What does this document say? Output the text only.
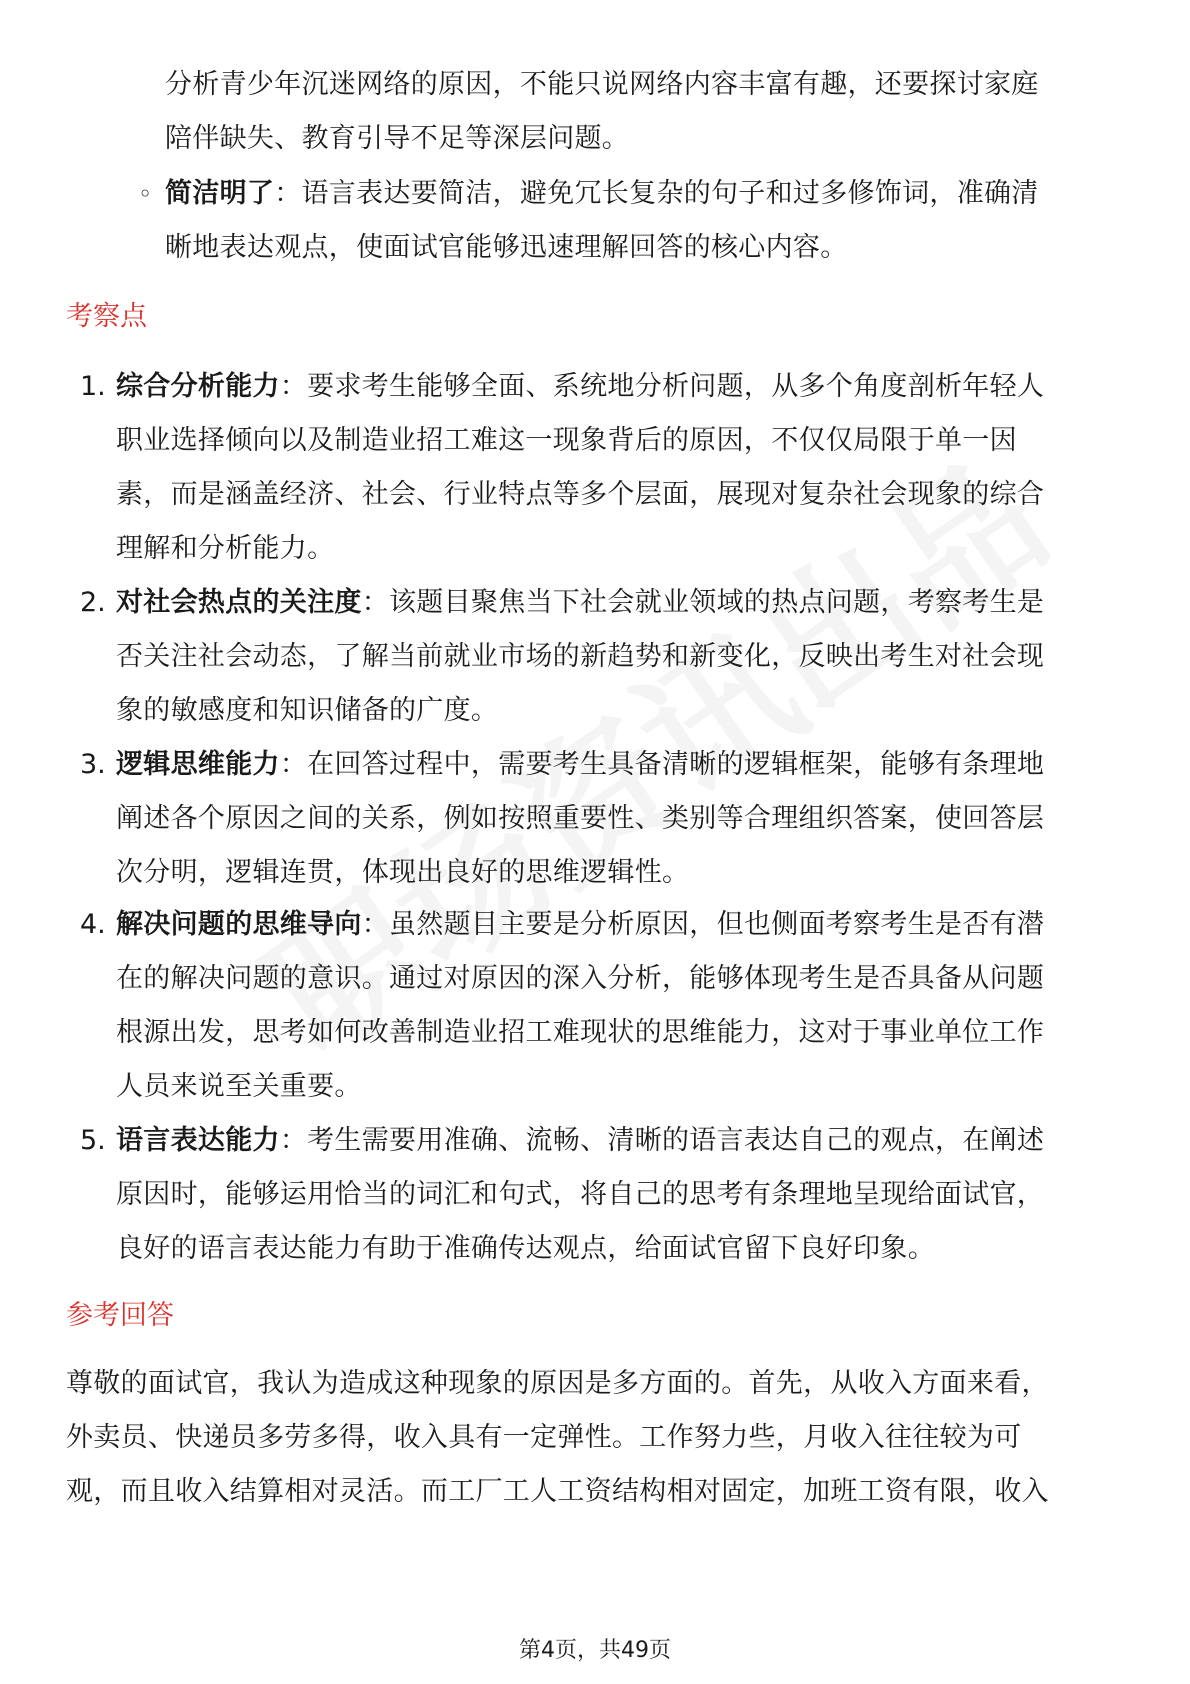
分析青少年沉迷网络的原因，不能只说网络内容丰富有趣，还要探讨家庭
陪伴缺失、教育引导不足等深层问题。
◦ 简洁明了：语言表达要简洁，避免冗长复杂的句子和过多修饰词，准确清
晰地表达观点，使面试官能够迅速理解回答的核心内容。
考察点
1. 综合分析能力：要求考生能够全面、系统地分析问题，从多个角度剖析年轻人
职业选择倾向以及制造业招工难这一现象背后的原因，不仅仅局限于单一因
素，而是涵盖经济、社会、行业特点等多个层面，展现对复杂社会现象的综合
理解和分析能力。
2. 对社会热点的关注度：该题目聚焦当下社会就业领域的热点问题，考察考生是
否关注社会动态，了解当前就业市场的新趋势和新变化，反映出考生对社会现
象的敏感度和知识储备的广度。
3. 逻辑思维能力：在回答过程中，需要考生具备清晰的逻辑框架，能够有条理地
阐述各个原因之间的关系，例如按照重要性、类别等合理组织答案，使回答层
次分明，逻辑连贯，体现出良好的思维逻辑性。
4. 解决问题的思维导向：虽然题目主要是分析原因，但也侧面考察考生是否有潜
在的解决问题的意识。通过对原因的深入分析，能够体现考生是否具备从问题
根源出发，思考如何改善制造业招工难现状的思维能力，这对于事业单位工作
人员来说至关重要。
5. 语言表达能力：考生需要用准确、流畅、清晰的语言表达自己的观点，在阐述
原因时，能够运用恰当的词汇和句式，将自己的思考有条理地呈现给面试官，
良好的语言表达能力有助于准确传达观点，给面试官留下良好印象。
参考回答
尊敬的面试官，我认为造成这种现象的原因是多方面的。首先，从收入方面来看，
外卖员、快递员多劳多得，收入具有一定弹性。工作努力些，月收入往往较为可
观，而且收入结算相对灵活。而工厂工人工资结构相对固定，加班工资有限，收入
第4页，共49页
